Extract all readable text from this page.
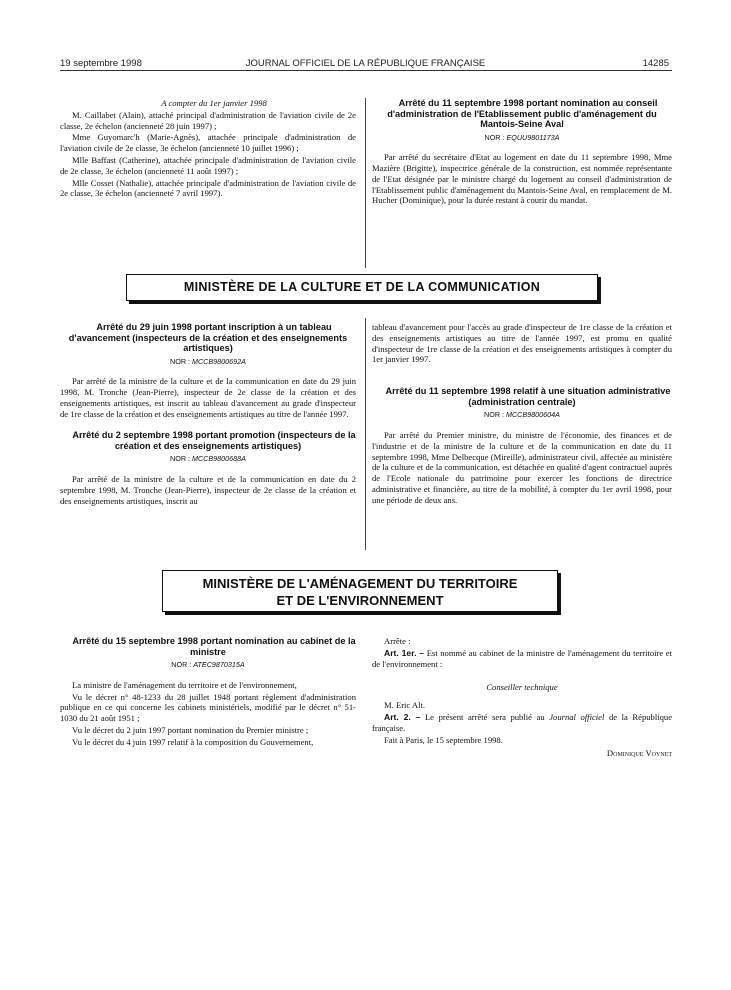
19 septembre 1998	JOURNAL OFFICIEL DE LA RÉPUBLIQUE FRANÇAISE	14285

A compter du 1er janvier 1998

M. Caillabet (Alain), attaché principal d'administration de l'aviation civile de 2e classe, 2e échelon (ancienneté 28 juin 1997) ;

Mme Guyomarc'h (Marie-Agnès), attachée principale d'administration de l'aviation civile de 2e classe, 3e échelon (ancienneté 10 juillet 1996) ;

Mlle Baffast (Catherine), attachée principale d'administration de l'aviation civile de 2e classe, 3e échelon (ancienneté 11 août 1997) ;

Mlle Cosset (Nathalie), attachée principale d'administration de l'aviation civile de 2e classe, 3e échelon (ancienneté 7 avril 1997).

Arrêté du 11 septembre 1998 portant nomination au conseil d'administration de l'Etablissement public d'aménagement du Mantois-Seine Aval

NOR : EQUU9801173A

Par arrêté du secrétaire d'Etat au logement en date du 11 septembre 1998, Mme Mazière (Brigitte), inspectrice générale de la construction, est nommée représentante de l'Etat désignée par le ministre chargé du logement au conseil d'administration de l'Etablissement public d'aménagement du Mantois-Seine Aval, en remplacement de M. Hucher (Dominique), pour la durée restant à courir du mandat.

MINISTÈRE DE LA CULTURE ET DE LA COMMUNICATION

Arrêté du 29 juin 1998 portant inscription à un tableau d'avancement (inspecteurs de la création et des enseignements artistiques)

NOR : MCCB9800692A

Par arrêté de la ministre de la culture et de la communication en date du 29 juin 1998, M. Tronche (Jean-Pierre), inspecteur de 2e classe de la création et des enseignements artistiques, est inscrit au tableau d'avancement au grade d'inspecteur de 1re classe de la création et des enseignements artistiques au titre de l'année 1997.

Arrêté du 2 septembre 1998 portant promotion (inspecteurs de la création et des enseignements artistiques)

NOR : MCCB9800688A

Par arrêté de la ministre de la culture et de la communication en date du 2 septembre 1998, M. Tronche (Jean-Pierre), inspecteur de 2e classe de la création et des enseignements artistiques, inscrit au

tableau d'avancement pour l'accès au grade d'inspecteur de 1re classe de la création et des enseignements artistiques au titre de l'année 1997, est promu en qualité d'inspecteur de 1re classe de la création et des enseignements artistiques à compter du 1er janvier 1997.

Arrêté du 11 septembre 1998 relatif à une situation administrative (administration centrale)

NOR : MCCB9800604A

Par arrêté du Premier ministre, du ministre de l'économie, des finances et de l'industrie et de la ministre de la culture et de la communication en date du 11 septembre 1998, Mme Delbecque (Mireille), administrateur civil, affectée au ministère de la culture et de la communication, est détachée en qualité d'agent contractuel auprès de l'Ecole nationale du patrimoine pour exercer les fonctions de directrice administrative et financière, au titre de la mobilité, à compter du 1er avril 1998, pour une période de deux ans.

MINISTÈRE DE L'AMÉNAGEMENT DU TERRITOIRE
ET DE L'ENVIRONNEMENT

Arrêté du 15 septembre 1998 portant nomination au cabinet de la ministre

NOR : ATEC9870315A

La ministre de l'aménagement du territoire et de l'environnement,

Vu le décret n° 48-1233 du 28 juillet 1948 portant règlement d'administration publique en ce qui concerne les cabinets ministériels, modifié par le décret n° 51-1030 du 21 août 1951 ;

Vu le décret du 2 juin 1997 portant nomination du Premier ministre ;

Vu le décret du 4 juin 1997 relatif à la composition du Gouvernement,

Arrête :

Art. 1er. – Est nommé au cabinet de la ministre de l'aménagement du territoire et de l'environnement :

Conseiller technique

M. Eric Alt.

Art. 2. – Le présent arrêté sera publié au Journal officiel de la République française.

Fait à Paris, le 15 septembre 1998.

Dominique Voynet
